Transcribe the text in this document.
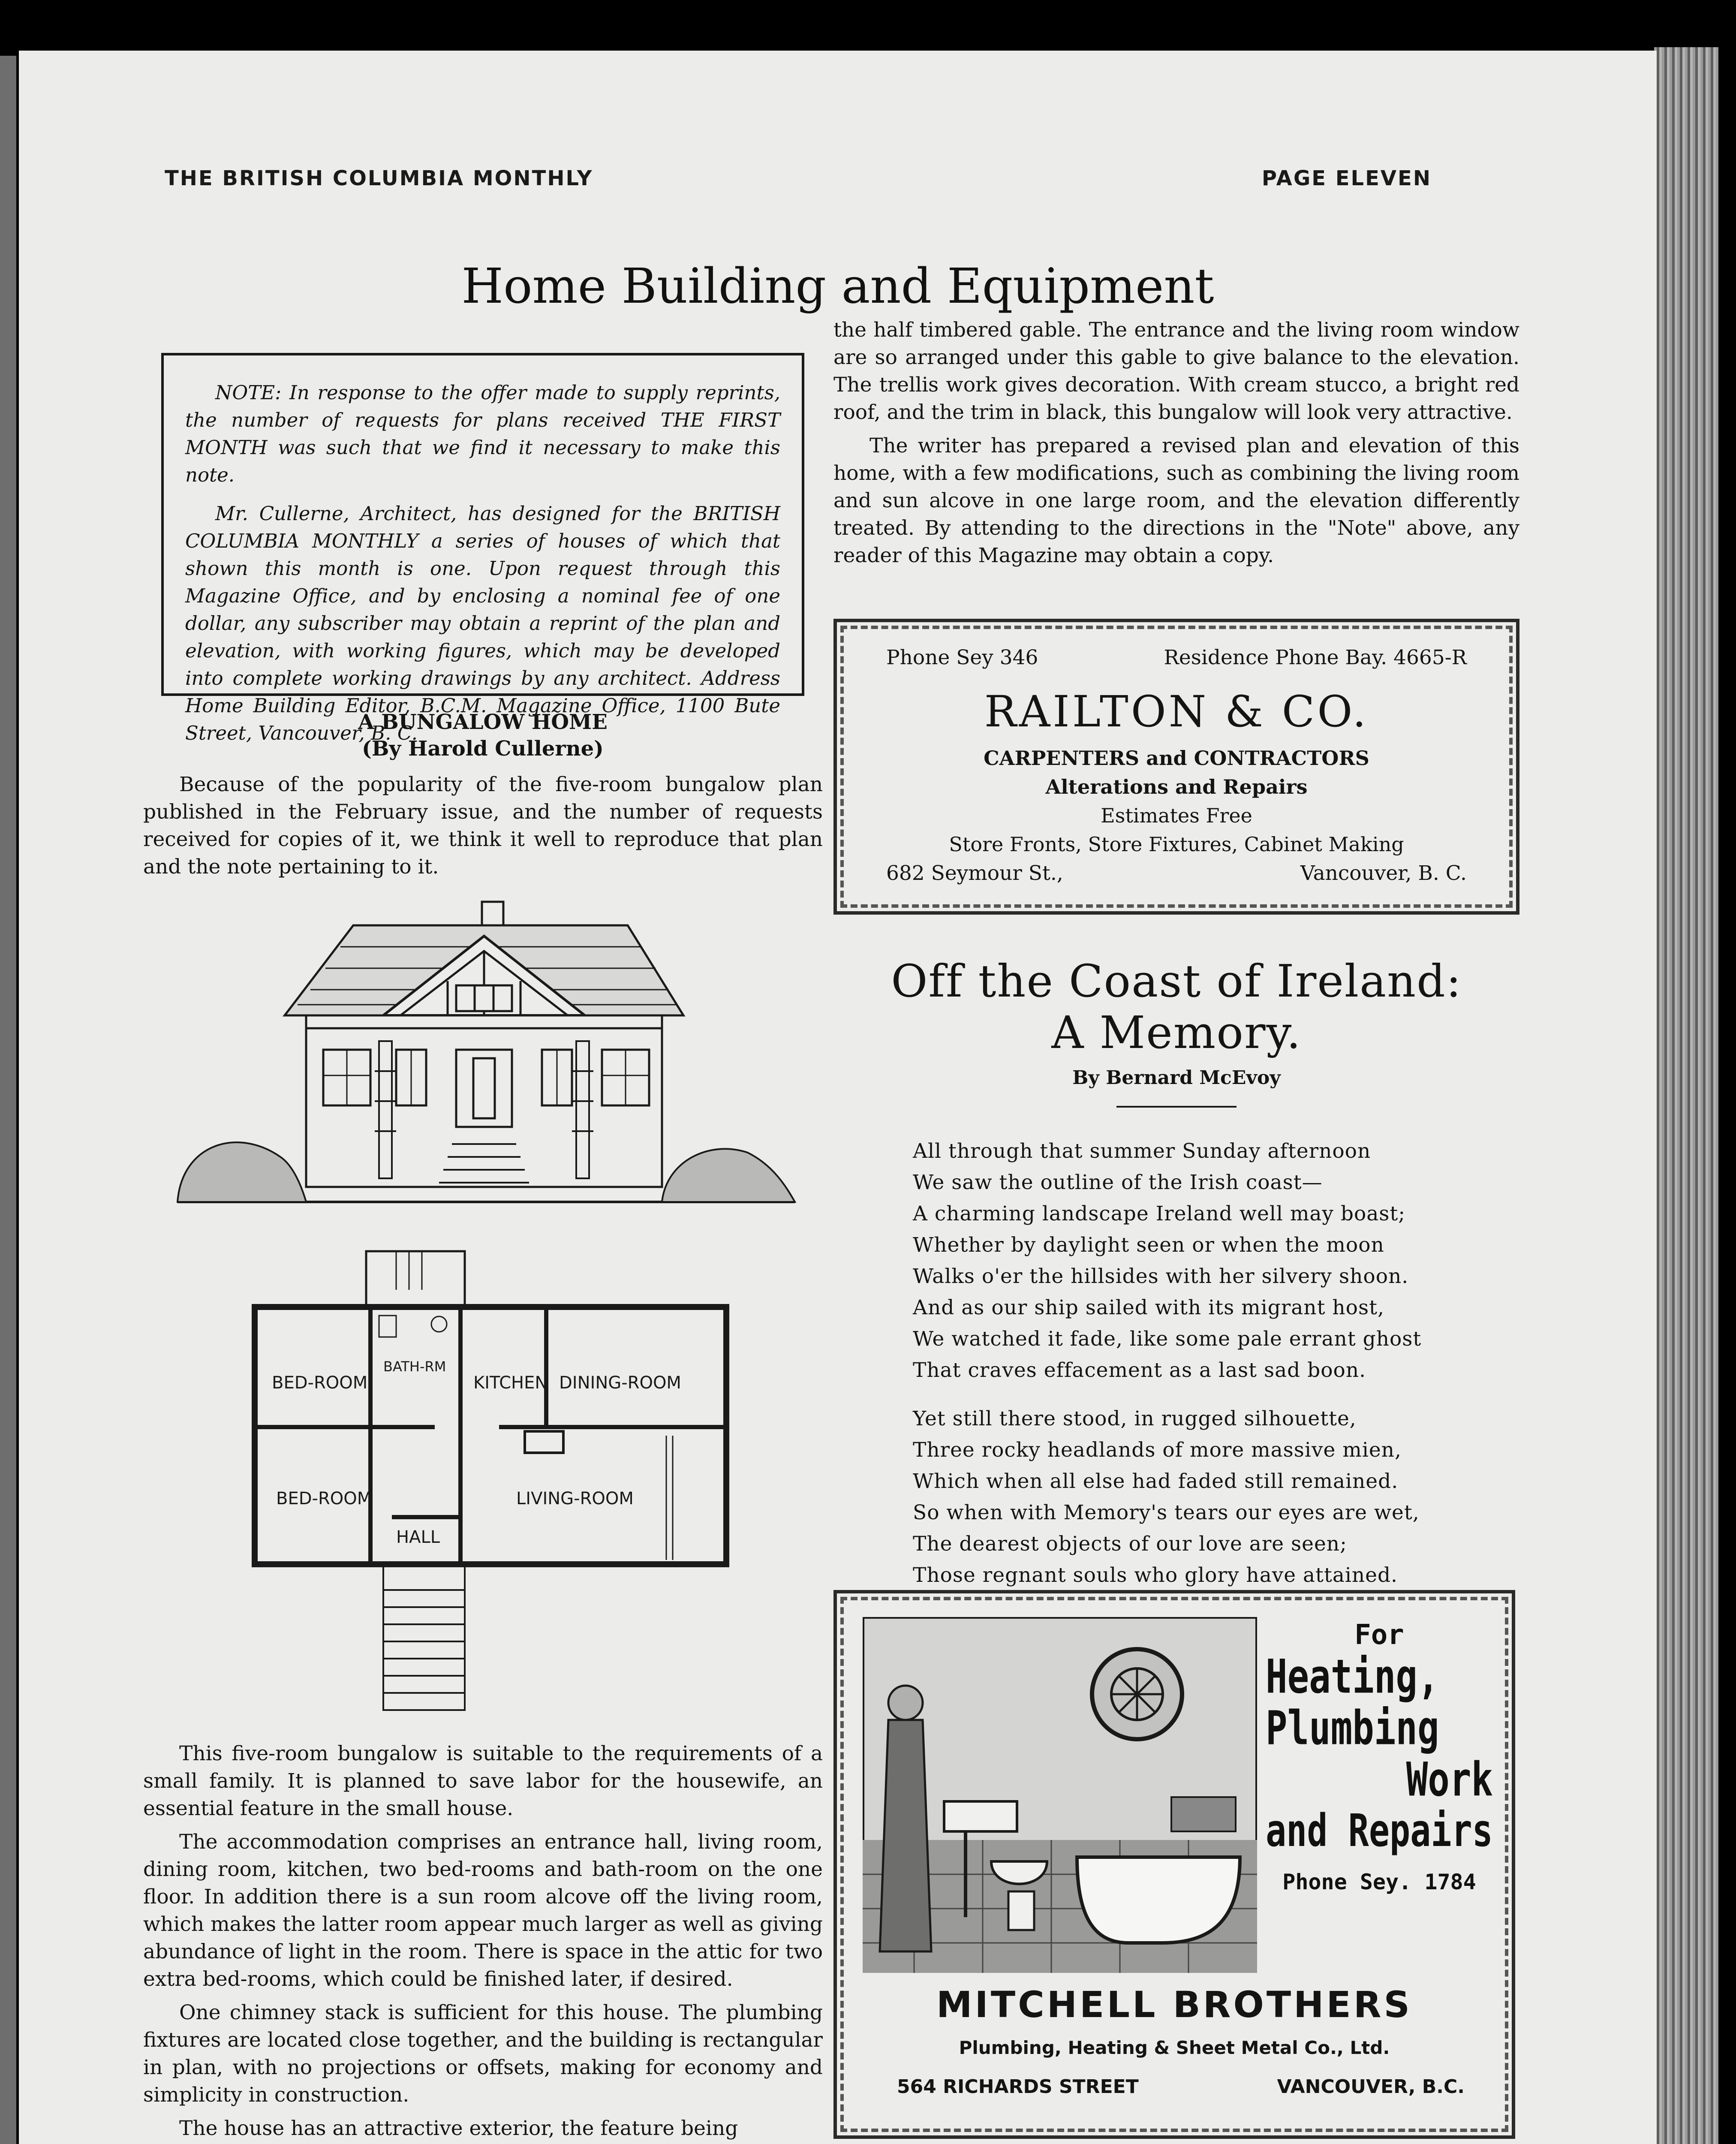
THE BRITISH COLUMBIA MONTHLY	PAGE ELEVEN
Home Building and Equipment

NOTE: In response to the offer made to supply reprints, the number of requests for plans received THE FIRST MONTH was such that we find it necessary to make this note.

Mr. Cullerne, Architect, has designed for the BRITISH COLUMBIA MONTHLY a series of houses of which that shown this month is one. Upon request through this Magazine Office, and by enclosing a nominal fee of one dollar, any subscriber may obtain a reprint of the plan and elevation, with working figures, which may be developed into complete working drawings by any architect. Address Home Building Editor, B.C.M. Magazine Office, 1100 Bute Street, Vancouver, B. C.

A BUNGALOW HOME
(By Harold Cullerne)

Because of the popularity of the five-room bungalow plan published in the February issue, and the number of requests received for copies of it, we think it well to reproduce that plan and the note pertaining to it.

BED-ROOM
BATH-RM
KITCHEN DINING-ROOM
BED-ROOM	LIVING-ROOM
HALL

This five-room bungalow is suitable to the requirements of a small family. It is planned to save labor for the housewife, an essential feature in the small house.

The accommodation comprises an entrance hall, living room, dining room, kitchen, two bed-rooms and bath-room on the one floor. In addition there is a sun room alcove off the living room, which makes the latter room appear much larger as well as giving abundance of light in the room. There is space in the attic for two extra bed-rooms, which could be finished later, if desired.

One chimney stack is sufficient for this house. The plumbing fixtures are located close together, and the building is rectangular in plan, with no projections or offsets, making for economy and simplicity in construction.

The house has an attractive exterior, the feature being

the half timbered gable. The entrance and the living room window are so arranged under this gable to give balance to the elevation. The trellis work gives decoration. With cream stucco, a bright red roof, and the trim in black, this bungalow will look very attractive.

The writer has prepared a revised plan and elevation of this home, with a few modifications, such as combining the living room and sun alcove in one large room, and the elevation differently treated. By attending to the directions in the "Note" above, any reader of this Magazine may obtain a copy.

Phone Sey 346	Residence Phone Bay. 4665-R
RAILTON & CO.
CARPENTERS and CONTRACTORS
Alterations and Repairs
Estimates Free
Store Fronts, Store Fixtures, Cabinet Making
682 Seymour St.,	Vancouver, B. C.
Off the Coast of Ireland:
A Memory.
By Bernard McEvoy
All through that summer Sunday afternoon
We saw the outline of the Irish coast—
A charming landscape Ireland well may boast;
Whether by daylight seen or when the moon
Walks o'er the hillsides with her silvery shoon.
And as our ship sailed with its migrant host,
We watched it fade, like some pale errant ghost
That craves effacement as a last sad boon.
Yet still there stood, in rugged silhouette,
Three rocky headlands of more massive mien,
Which when all else had faded still remained.
So when with Memory's tears our eyes are wet,
The dearest objects of our love are seen;
Those regnant souls who glory have attained.
For
Heating,
Plumbing
Work
and Repairs
Phone Sey. 1784
MITCHELL BROTHERS
Plumbing, Heating & Sheet Metal Co., Ltd.
564 RICHARDS STREET	VANCOUVER, B.C.
